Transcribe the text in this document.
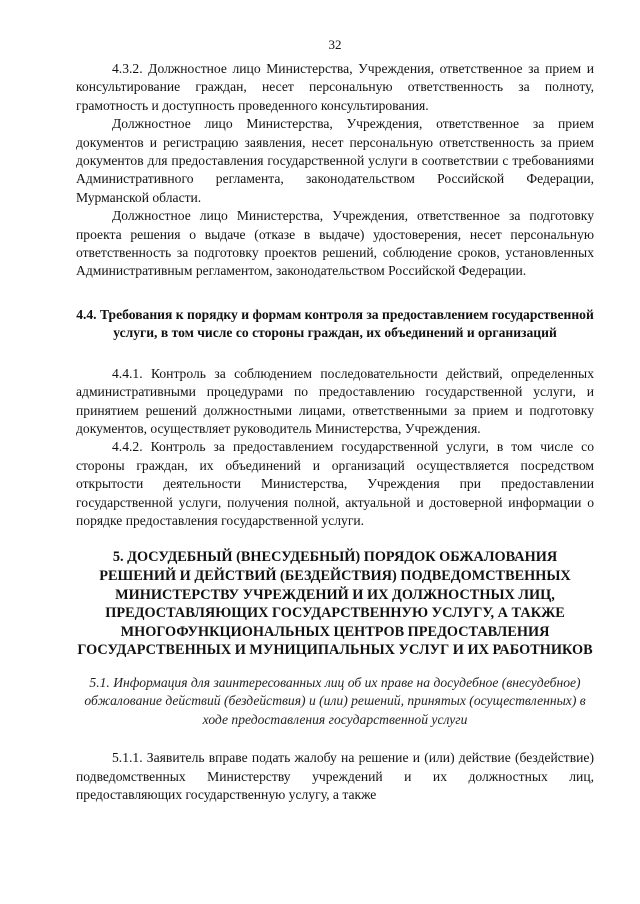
32

4.3.2. Должностное лицо Министерства, Учреждения, ответственное за прием и консультирование граждан, несет персональную ответственность за полноту, грамотность и доступность проведенного консультирования.

Должностное лицо Министерства, Учреждения, ответственное за прием документов и регистрацию заявления, несет персональную ответственность за прием документов для предоставления государственной услуги в соответствии с требованиями Административного регламента, законодательством Российской Федерации, Мурманской области.

Должностное лицо Министерства, Учреждения, ответственное за подготовку проекта решения о выдаче (отказе в выдаче) удостоверения, несет персональную ответственность за подготовку проектов решений, соблюдение сроков, установленных Административным регламентом, законодательством Российской Федерации.

4.4. Требования к порядку и формам контроля за предоставлением государственной услуги, в том числе со стороны граждан, их объединений и организаций

4.4.1. Контроль за соблюдением последовательности действий, определенных административными процедурами по предоставлению государственной услуги, и принятием решений должностными лицами, ответственными за прием и подготовку документов, осуществляет руководитель Министерства, Учреждения.

4.4.2. Контроль за предоставлением государственной услуги, в том числе со стороны граждан, их объединений и организаций осуществляется посредством открытости деятельности Министерства, Учреждения при предоставлении государственной услуги, получения полной, актуальной и достоверной информации о порядке предоставления государственной услуги.

5. ДОСУДЕБНЫЙ (ВНЕСУДЕБНЫЙ) ПОРЯДОК ОБЖАЛОВАНИЯ РЕШЕНИЙ И ДЕЙСТВИЙ (БЕЗДЕЙСТВИЯ) ПОДВЕДОМСТВЕННЫХ МИНИСТЕРСТВУ УЧРЕЖДЕНИЙ И ИХ ДОЛЖНОСТНЫХ ЛИЦ, ПРЕДОСТАВЛЯЮЩИХ ГОСУДАРСТВЕННУЮ УСЛУГУ, А ТАКЖЕ МНОГОФУНКЦИОНАЛЬНЫХ ЦЕНТРОВ ПРЕДОСТАВЛЕНИЯ ГОСУДАРСТВЕННЫХ И МУНИЦИПАЛЬНЫХ УСЛУГ И ИХ РАБОТНИКОВ

5.1. Информация для заинтересованных лиц об их праве на досудебное (внесудебное) обжалование действий (бездействия) и (или) решений, принятых (осуществленных) в ходе предоставления государственной услуги

5.1.1. Заявитель вправе подать жалобу на решение и (или) действие (бездействие) подведомственных Министерству учреждений и их должностных лиц, предоставляющих государственную услугу, а также
